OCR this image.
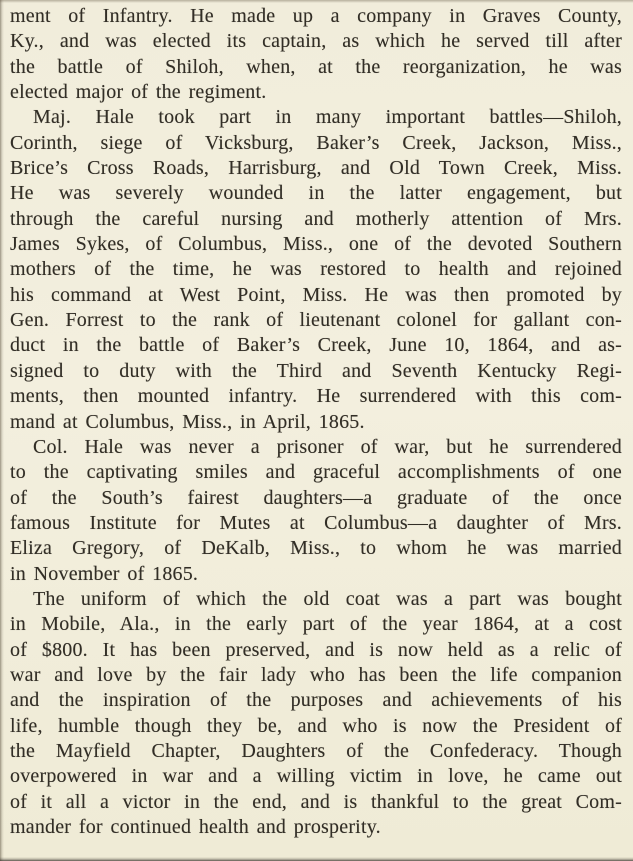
ment of Infantry. He made up a company in Graves County,
Ky., and was elected its captain, as which he served till after
the battle of Shiloh, when, at the reorganization, he was
elected major of the regiment.
Maj. Hale took part in many important battles—Shiloh,
Corinth, siege of Vicksburg, Baker’s Creek, Jackson, Miss.,
Brice’s Cross Roads, Harrisburg, and Old Town Creek, Miss.
He was severely wounded in the latter engagement, but
through the careful nursing and motherly attention of Mrs.
James Sykes, of Columbus, Miss., one of the devoted Southern
mothers of the time, he was restored to health and rejoined
his command at West Point, Miss. He was then promoted by
Gen. Forrest to the rank of lieutenant colonel for gallant con-
duct in the battle of Baker’s Creek, June 10, 1864, and as-
signed to duty with the Third and Seventh Kentucky Regi-
ments, then mounted infantry. He surrendered with this com-
mand at Columbus, Miss., in April, 1865.
Col. Hale was never a prisoner of war, but he surrendered
to the captivating smiles and graceful accomplishments of one
of the South’s fairest daughters—a graduate of the once
famous Institute for Mutes at Columbus—a daughter of Mrs.
Eliza Gregory, of DeKalb, Miss., to whom he was married
in November of 1865.
The uniform of which the old coat was a part was bought
in Mobile, Ala., in the early part of the year 1864, at a cost
of $800. It has been preserved, and is now held as a relic of
war and love by the fair lady who has been the life companion
and the inspiration of the purposes and achievements of his
life, humble though they be, and who is now the President of
the Mayfield Chapter, Daughters of the Confederacy. Though
overpowered in war and a willing victim in love, he came out
of it all a victor in the end, and is thankful to the great Com-
mander for continued health and prosperity.
